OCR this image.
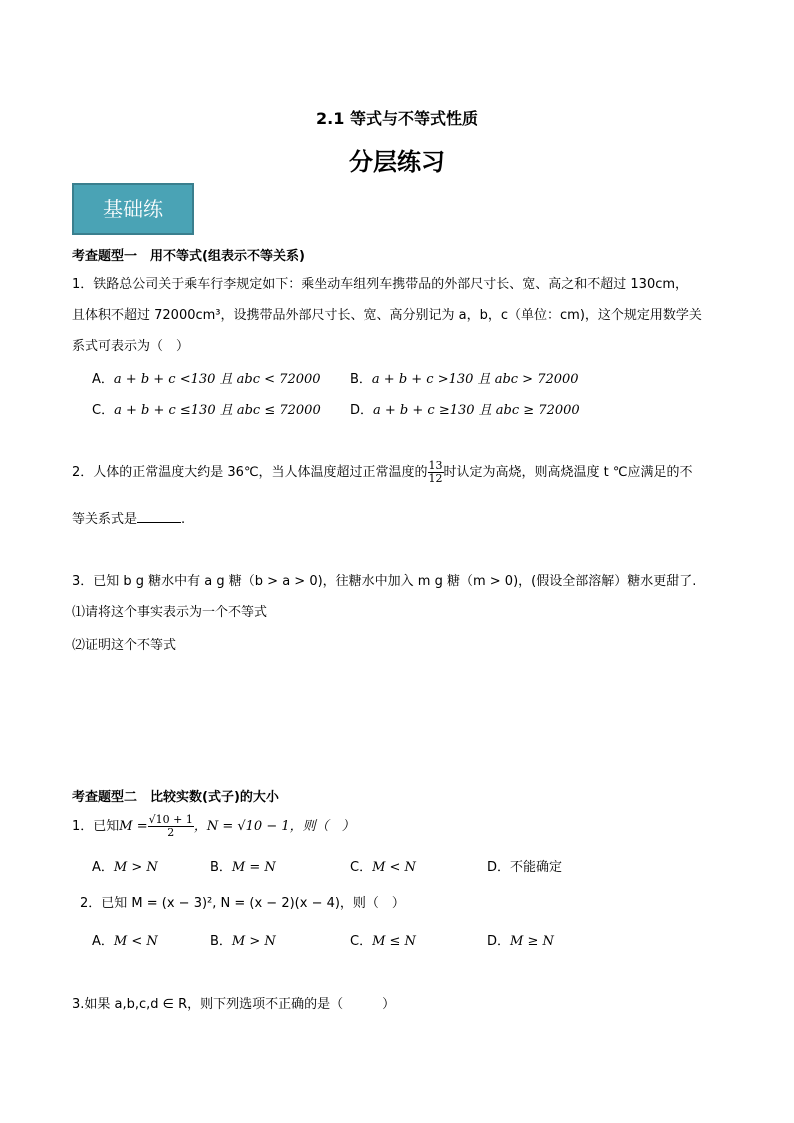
2.1 等式与不等式性质
分层练习
基础练
考查题型一　用不等式(组表示不等关系)
1．铁路总公司关于乘车行李规定如下：乘坐动车组列车携带品的外部尺寸长、宽、高之和不超过 130cm，
且体积不超过 72000cm³，设携带品外部尺寸长、宽、高分别记为 a，b，c（单位：cm)，这个规定用数学关
系式可表示为（　）
A．a + b + c <130 且 abc < 72000 B．a + b + c >130 且 abc > 72000
C．a + b + c ≤130 且 abc ≤ 72000 D．a + b + c ≥130 且 abc ≥ 72000
2．人体的正常温度大约是 36℃，当人体温度超过正常温度的 $\frac{13}{12}$ 时认定为高烧，则高烧温度 t ℃应满足的不
等关系式是	.
3．已知 b g 糖水中有 a g 糖（b > a > 0)，往糖水中加入 m g 糖（m > 0)，(假设全部溶解）糖水更甜了.
⑴请将这个事实表示为一个不等式
⑵证明这个不等式
考查题型二　比较实数(式子)的大小
1．已知$M = \frac{√10 + 1}{2}$ ，N = √10 − 1，则（　）
A．M > N	B．M = N	C．M < N	D．不能确定
2．已知 M = (x − 3)², N = (x − 2)(x − 4)，则（　）
A．M < N	B．M > N	C．M ≤ N	D．M ≥ N
3.如果 a,b,c,d ∈ R，则下列选项不正确的是（　　　）
